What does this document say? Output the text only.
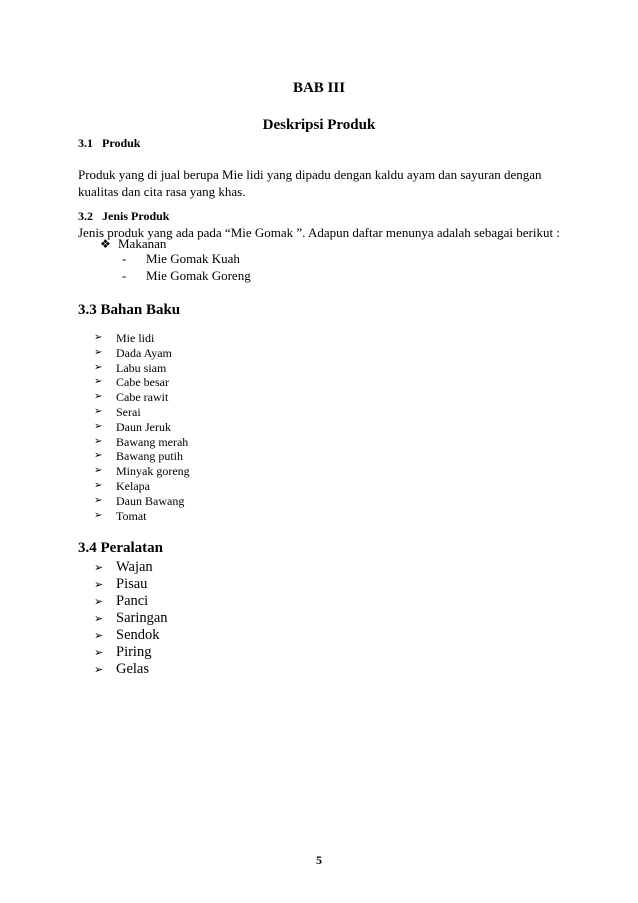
BAB III
Deskripsi Produk
3.1 Produk
Produk yang di jual berupa Mie lidi yang dipadu dengan kaldu ayam dan sayuran dengan kualitas dan cita rasa yang khas.
3.2 Jenis Produk
Jenis produk yang ada pada “Mie Gomak ”. Adapun daftar menunya adalah sebagai berikut :
❖ Makanan
-	Mie Gomak Kuah
-	Mie Gomak Goreng
3.3 Bahan Baku
➢	Mie lidi
➢	Dada Ayam
➢	Labu siam
➢	Cabe besar
➢	Cabe rawit
➢	Serai
➢	Daun Jeruk
➢	Bawang merah
➢	Bawang putih
➢	Minyak goreng
➢	Kelapa
➢	Daun Bawang
➢	Tomat
3.4 Peralatan
➢ Wajan
➢ Pisau
➢ Panci
➢ Saringan
➢ Sendok
➢ Piring
➢ Gelas
5
